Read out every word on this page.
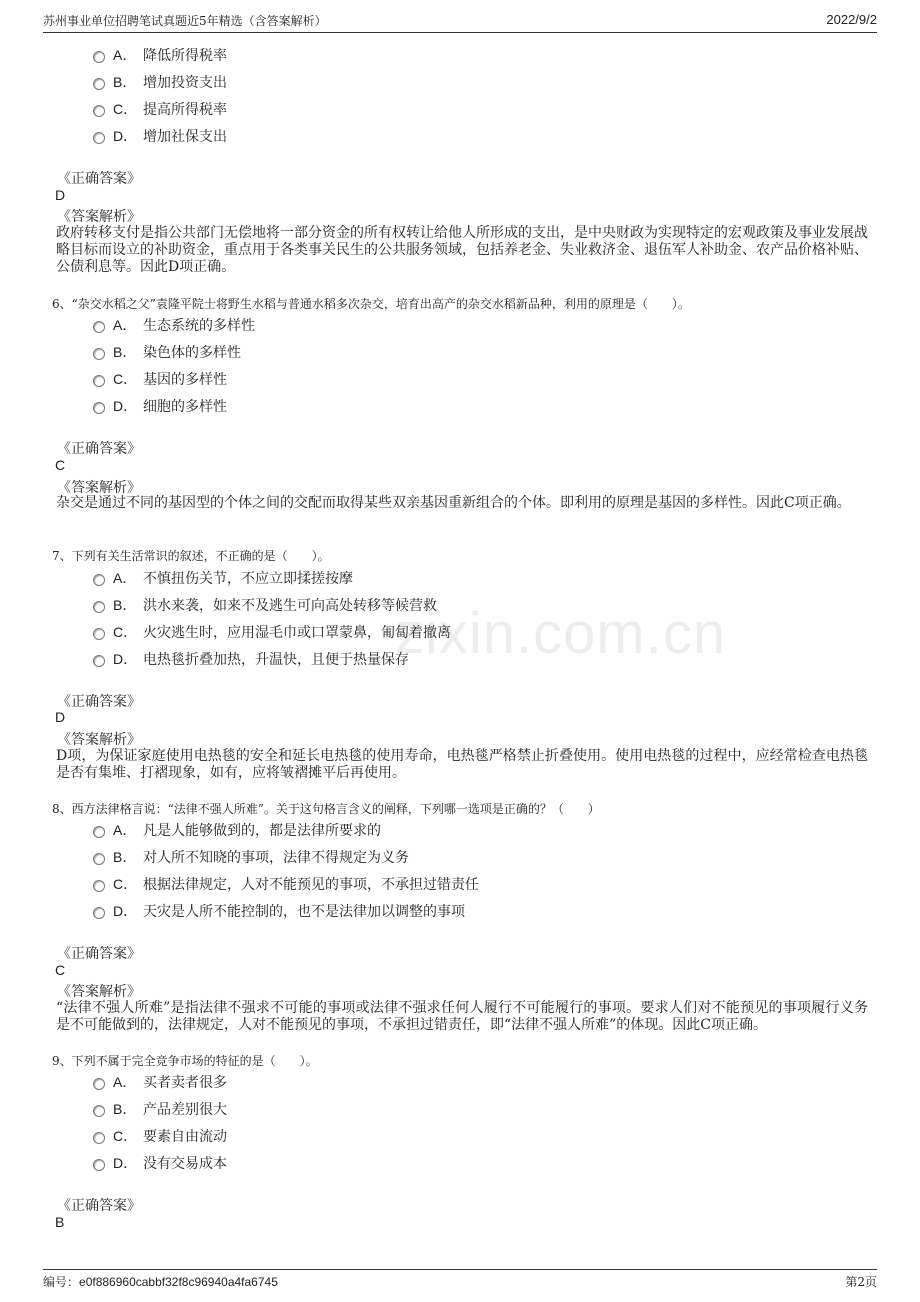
苏州事业单位招聘笔试真题近5年精选（含答案解析）	2022/9/2
zixin.com.cn
A． 降低所得税率
B． 增加投资支出
C． 提高所得税率
D． 增加社保支出
《正确答案》
D
《答案解析》
政府转移支付是指公共部门无偿地将一部分资金的所有权转让给他人所形成的支出，是中央财政为实现特定的宏观政策及事业发展战略目标而设立的补助资金，重点用于各类事关民生的公共服务领域，包括养老金、失业救济金、退伍军人补助金、农产品价格补贴、公债利息等。因此D项正确。
6、“杂交水稻之父”袁隆平院士将野生水稻与普通水稻多次杂交，培育出高产的杂交水稻新品种，利用的原理是（　　）。
A． 生态系统的多样性
B． 染色体的多样性
C． 基因的多样性
D． 细胞的多样性
《正确答案》
C
《答案解析》
杂交是通过不同的基因型的个体之间的交配而取得某些双亲基因重新组合的个体。即利用的原理是基因的多样性。因此C项正确。
7、下列有关生活常识的叙述，不正确的是（　　）。
A． 不慎扭伤关节，不应立即揉搓按摩
B． 洪水来袭，如来不及逃生可向高处转移等候营救
C． 火灾逃生时，应用湿毛巾或口罩蒙鼻，匍匐着撤离
D． 电热毯折叠加热，升温快，且便于热量保存
《正确答案》
D
《答案解析》
D项，为保证家庭使用电热毯的安全和延长电热毯的使用寿命，电热毯严格禁止折叠使用。使用电热毯的过程中，应经常检查电热毯是否有集堆、打褶现象，如有，应将皱褶摊平后再使用。
8、西方法律格言说：“法律不强人所难”。关于这句格言含义的阐释，下列哪一选项是正确的？（　　）
A． 凡是人能够做到的，都是法律所要求的
B． 对人所不知晓的事项，法律不得规定为义务
C． 根据法律规定，人对不能预见的事项，不承担过错责任
D． 天灾是人所不能控制的，也不是法律加以调整的事项
《正确答案》
C
《答案解析》
“法律不强人所难”是指法律不强求不可能的事项或法律不强求任何人履行不可能履行的事项。要求人们对不能预见的事项履行义务是不可能做到的，法律规定，人对不能预见的事项，不承担过错责任，即“法律不强人所难”的体现。因此C项正确。
9、下列不属于完全竞争市场的特征的是（　　）。
A． 买者卖者很多
B． 产品差别很大
C． 要素自由流动
D． 没有交易成本
《正确答案》
B
编号：e0f886960cabbf32f8c96940a4fa6745	第2页
